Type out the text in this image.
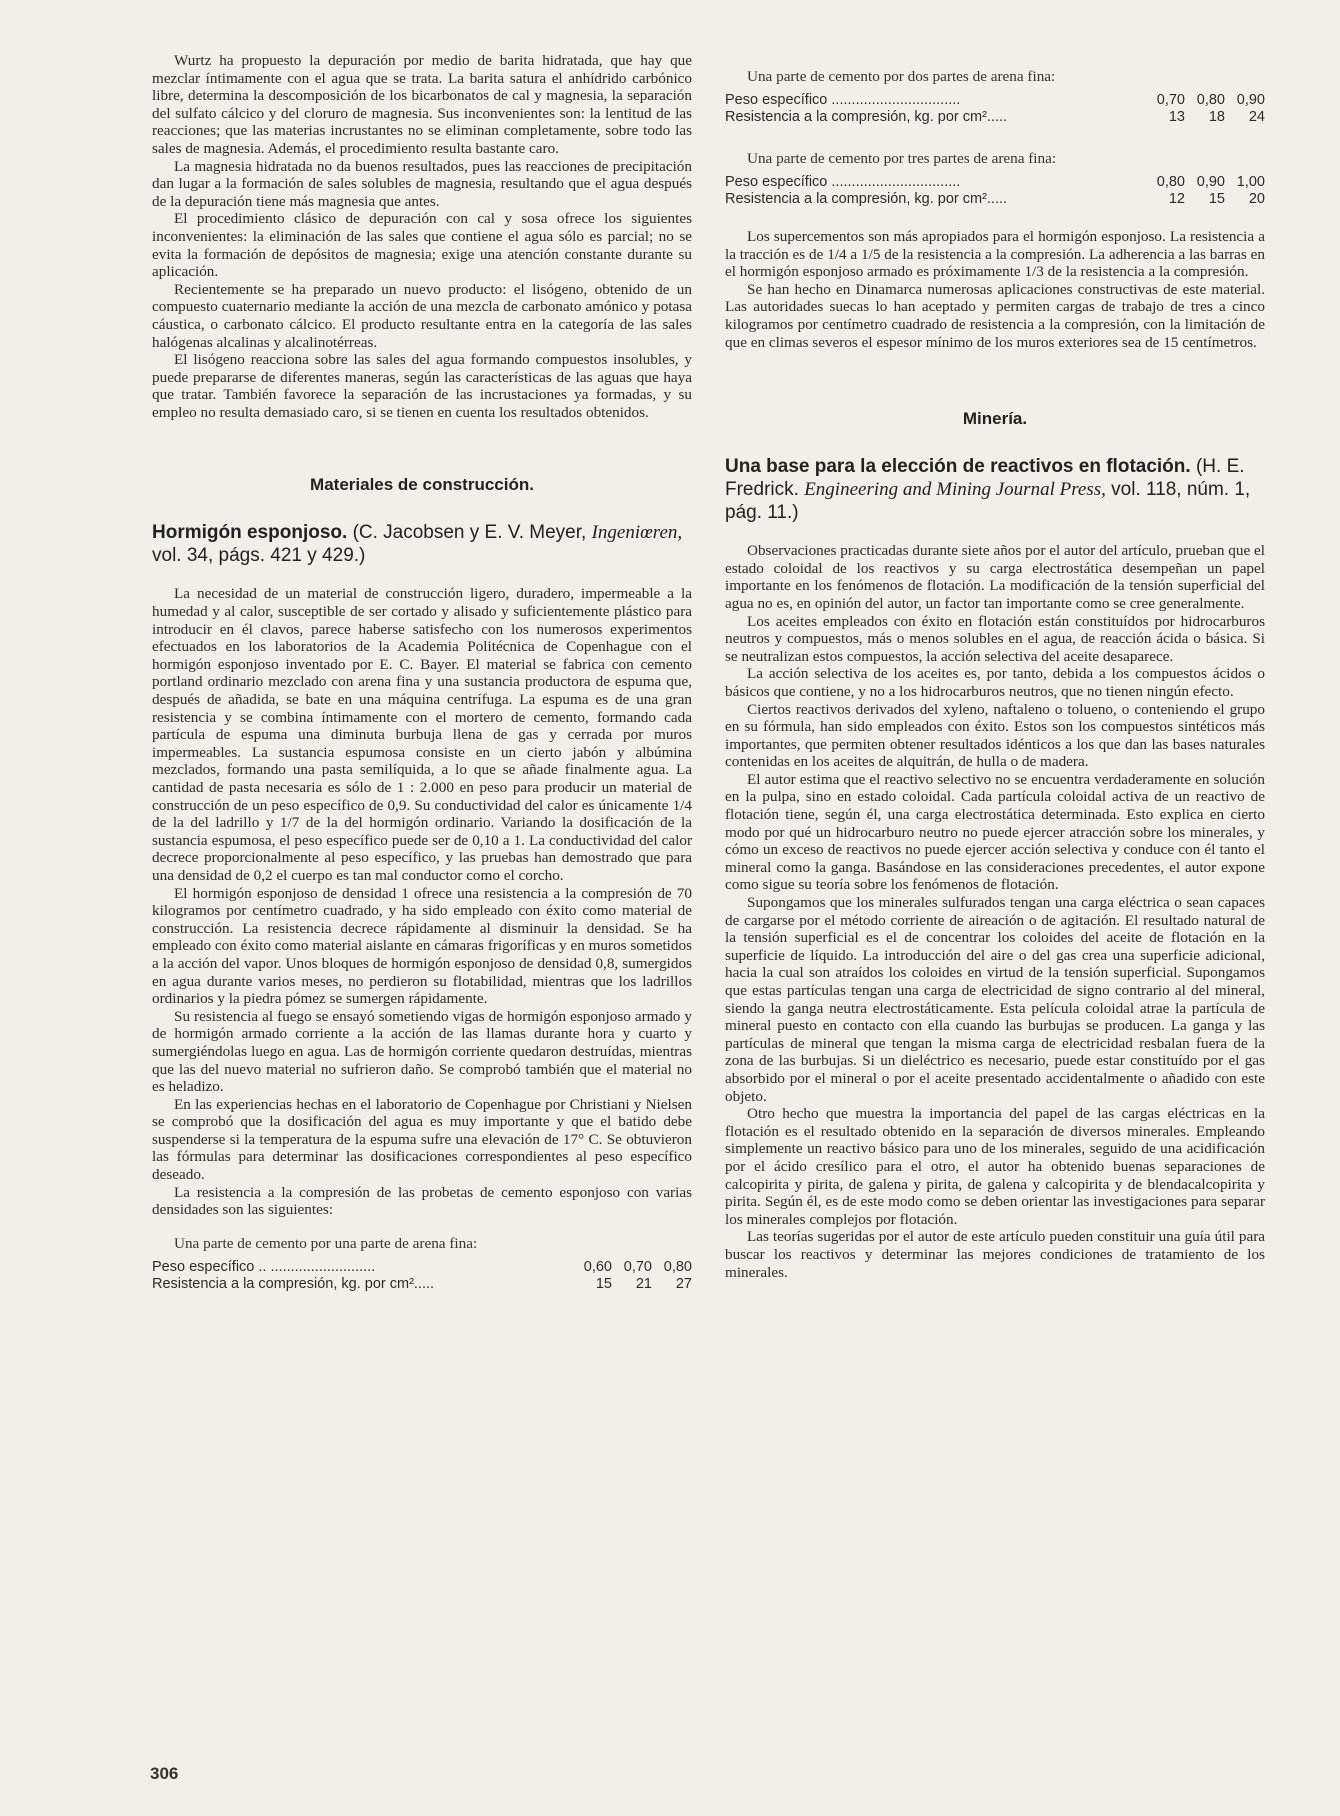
Wurtz ha propuesto la depuración por medio de barita hidratada, que hay que mezclar íntimamente con el agua que se trata. La barita satura el anhídrido carbónico libre, determina la descomposición de los bicarbonatos de cal y magnesia, la separación del sulfato cálcico y del cloruro de magnesia. Sus inconvenientes son: la lentitud de las reacciones; que las materias incrustantes no se eliminan completamente, sobre todo las sales de magnesia. Además, el procedimiento resulta bastante caro.

La magnesia hidratada no da buenos resultados, pues las reacciones de precipitación dan lugar a la formación de sales solubles de magnesia, resultando que el agua después de la depuración tiene más magnesia que antes.

El procedimiento clásico de depuración con cal y sosa ofrece los siguientes inconvenientes: la eliminación de las sales que contiene el agua sólo es parcial; no se evita la formación de depósitos de magnesia; exige una atención constante durante su aplicación.

Recientemente se ha preparado un nuevo producto: el lisógeno, obtenido de un compuesto cuaternario mediante la acción de una mezcla de carbonato amónico y potasa cáustica, o carbonato cálcico. El producto resultante entra en la categoría de las sales halógenas alcalinas y alcalinotérreas.

El lisógeno reacciona sobre las sales del agua formando compuestos insolubles, y puede prepararse de diferentes maneras, según las características de las aguas que haya que tratar. También favorece la separación de las incrustaciones ya formadas, y su empleo no resulta demasiado caro, si se tienen en cuenta los resultados obtenidos.

Materiales de construcción.
Hormigón esponjoso. (C. Jacobsen y E. V. Meyer, Ingeniœren, vol. 34, págs. 421 y 429.)

La necesidad de un material de construcción ligero, duradero, impermeable a la humedad y al calor, susceptible de ser cortado y alisado y suficientemente plástico para introducir en él clavos, parece haberse satisfecho con los numerosos experimentos efectuados en los laboratorios de la Academia Politécnica de Copenhague con el hormigón esponjoso inventado por E. C. Bayer. El material se fabrica con cemento portland ordinario mezclado con arena fina y una sustancia productora de espuma que, después de añadida, se bate en una máquina centrífuga. La espuma es de una gran resistencia y se combina íntimamente con el mortero de cemento, formando cada partícula de espuma una diminuta burbuja llena de gas y cerrada por muros impermeables. La sustancia espumosa consiste en un cierto jabón y albúmina mezclados, formando una pasta semilíquida, a lo que se añade finalmente agua. La cantidad de pasta necesaria es sólo de 1 : 2.000 en peso para producir un material de construcción de un peso específico de 0,9. Su conductividad del calor es únicamente 1/4 de la del ladrillo y 1/7 de la del hormigón ordinario. Variando la dosificación de la sustancia espumosa, el peso específico puede ser de 0,10 a 1. La conductividad del calor decrece proporcionalmente al peso específico, y las pruebas han demostrado que para una densidad de 0,2 el cuerpo es tan mal conductor como el corcho.

El hormigón esponjoso de densidad 1 ofrece una resistencia a la compresión de 70 kilogramos por centímetro cuadrado, y ha sido empleado con éxito como material de construcción. La resistencia decrece rápidamente al disminuir la densidad. Se ha empleado con éxito como material aislante en cámaras frigoríficas y en muros sometidos a la acción del vapor. Unos bloques de hormigón esponjoso de densidad 0,8, sumergidos en agua durante varios meses, no perdieron su flotabilidad, mientras que los ladrillos ordinarios y la piedra pómez se sumergen rápidamente.

Su resistencia al fuego se ensayó sometiendo vigas de hormigón esponjoso armado y de hormigón armado corriente a la acción de las llamas durante hora y cuarto y sumergiéndolas luego en agua. Las de hormigón corriente quedaron destruídas, mientras que las del nuevo material no sufrieron daño. Se comprobó también que el material no es heladizo.

En las experiencias hechas en el laboratorio de Copenhague por Christiani y Nielsen se comprobó que la dosificación del agua es muy importante y que el batido debe suspenderse si la temperatura de la espuma sufre una elevación de 17° C. Se obtuvieron las fórmulas para determinar las dosificaciones correspondientes al peso específico deseado.

La resistencia a la compresión de las probetas de cemento esponjoso con varias densidades son las siguientes:

Una parte de cemento por una parte de arena fina:
Peso específico .. ..........................	0,60	0,70	0,80
Resistencia a la compresión, kg. por cm².....	15	21	27
Una parte de cemento por dos partes de arena fina:
Peso específico ................................	0,70	0,80	0,90
Resistencia a la compresión, kg. por cm².....	13	18	24
Una parte de cemento por tres partes de arena fina:
Peso específico ................................	0,80	0,90	1,00
Resistencia a la compresión, kg. por cm².....	12	15	20

Los supercementos son más apropiados para el hormigón esponjoso. La resistencia a la tracción es de 1/4 a 1/5 de la resistencia a la compresión. La adherencia a las barras en el hormigón esponjoso armado es próximamente 1/3 de la resistencia a la compresión.

Se han hecho en Dinamarca numerosas aplicaciones constructivas de este material. Las autoridades suecas lo han aceptado y permiten cargas de trabajo de tres a cinco kilogramos por centímetro cuadrado de resistencia a la compresión, con la limitación de que en climas severos el espesor mínimo de los muros exteriores sea de 15 centímetros.

Minería.
Una base para la elección de reactivos en flotación. (H. E. Fredrick. Engineering and Mining Journal Press, vol. 118, núm. 1, pág. 11.)

Observaciones practicadas durante siete años por el autor del artículo, prueban que el estado coloidal de los reactivos y su carga electrostática desempeñan un papel importante en los fenómenos de flotación. La modificación de la tensión superficial del agua no es, en opinión del autor, un factor tan importante como se cree generalmente.

Los aceites empleados con éxito en flotación están constituídos por hidrocarburos neutros y compuestos, más o menos solubles en el agua, de reacción ácida o básica. Si se neutralizan estos compuestos, la acción selectiva del aceite desaparece.

La acción selectiva de los aceites es, por tanto, debida a los compuestos ácidos o básicos que contiene, y no a los hidrocarburos neutros, que no tienen ningún efecto.

Ciertos reactivos derivados del xyleno, naftaleno o tolueno, o conteniendo el grupo en su fórmula, han sido empleados con éxito. Estos son los compuestos sintéticos más importantes, que permiten obtener resultados idénticos a los que dan las bases naturales contenidas en los aceites de alquitrán, de hulla o de madera.

El autor estima que el reactivo selectivo no se encuentra verdaderamente en solución en la pulpa, sino en estado coloidal. Cada partícula coloidal activa de un reactivo de flotación tiene, según él, una carga electrostática determinada. Esto explica en cierto modo por qué un hidrocarburo neutro no puede ejercer atracción sobre los minerales, y cómo un exceso de reactivos no puede ejercer acción selectiva y conduce con él tanto el mineral como la ganga. Basándose en las consideraciones precedentes, el autor expone como sigue su teoría sobre los fenómenos de flotación.

Supongamos que los minerales sulfurados tengan una carga eléctrica o sean capaces de cargarse por el método corriente de aireación o de agitación. El resultado natural de la tensión superficial es el de concentrar los coloides del aceite de flotación en la superficie de líquido. La introducción del aire o del gas crea una superficie adicional, hacia la cual son atraídos los coloides en virtud de la tensión superficial. Supongamos que estas partículas tengan una carga de electricidad de signo contrario al del mineral, siendo la ganga neutra electrostáticamente. Esta película coloidal atrae la partícula de mineral puesto en contacto con ella cuando las burbujas se producen. La ganga y las partículas de mineral que tengan la misma carga de electricidad resbalan fuera de la zona de las burbujas. Si un dieléctrico es necesario, puede estar constituído por el gas absorbido por el mineral o por el aceite presentado accidentalmente o añadido con este objeto.

Otro hecho que muestra la importancia del papel de las cargas eléctricas en la flotación es el resultado obtenido en la separación de diversos minerales. Empleando simplemente un reactivo básico para uno de los minerales, seguido de una acidificación por el ácido cresílico para el otro, el autor ha obtenido buenas separaciones de calcopirita y pirita, de galena y pirita, de galena y calcopirita y de blendacalcopirita y pirita. Según él, es de este modo como se deben orientar las investigaciones para separar los minerales complejos por flotación.

Las teorías sugeridas por el autor de este artículo pueden constituir una guía útil para buscar los reactivos y determinar las mejores condiciones de tratamiento de los minerales.

306
